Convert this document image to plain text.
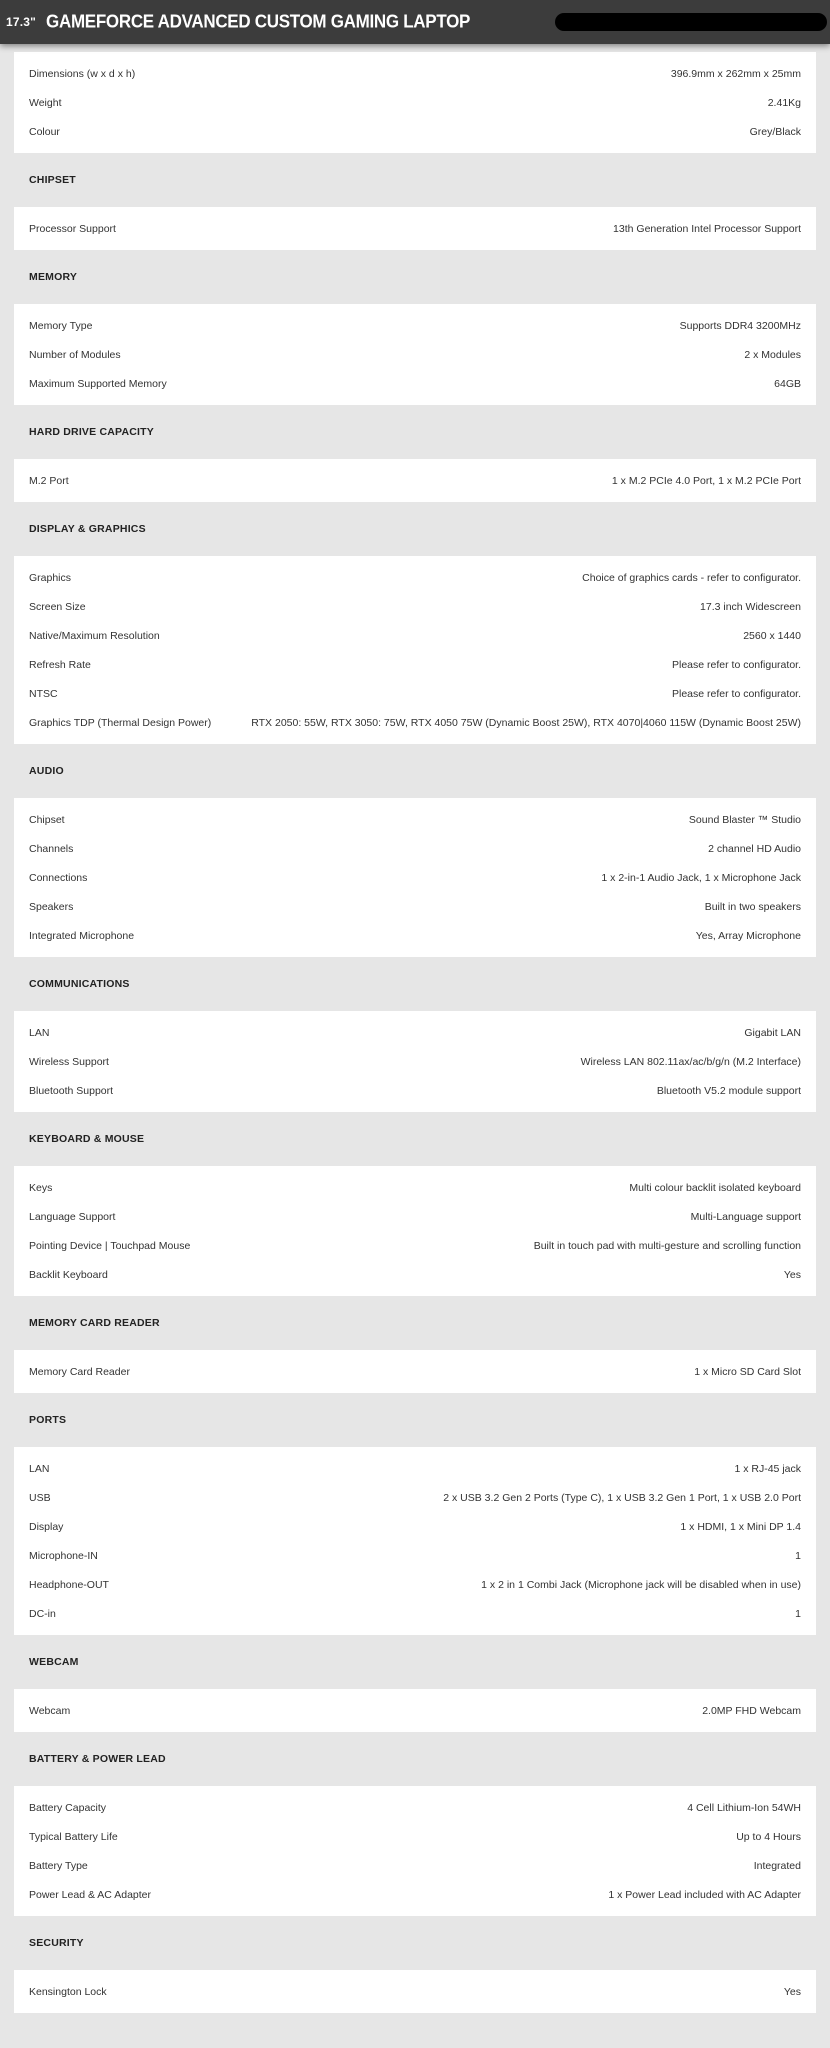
17.3" GAMEFORCE ADVANCED CUSTOM GAMING LAPTOP
Dimensions (w x d x h)	396.9mm x 262mm x 25mm
Weight	2.41Kg
Colour	Grey/Black
CHIPSET
Processor Support	13th Generation Intel Processor Support
MEMORY
Memory Type	Supports DDR4 3200MHz
Number of Modules	2 x Modules
Maximum Supported Memory	64GB
HARD DRIVE CAPACITY
M.2 Port	1 x M.2 PCIe 4.0 Port, 1 x M.2 PCIe Port
DISPLAY & GRAPHICS
Graphics	Choice of graphics cards - refer to configurator.
Screen Size	17.3 inch Widescreen
Native/Maximum Resolution	2560 x 1440
Refresh Rate	Please refer to configurator.
NTSC	Please refer to configurator.
Graphics TDP (Thermal Design Power)	RTX 2050: 55W, RTX 3050: 75W, RTX 4050 75W (Dynamic Boost 25W), RTX 4070|4060 115W (Dynamic Boost 25W)
AUDIO
Chipset	Sound Blaster ™ Studio
Channels	2 channel HD Audio
Connections	1 x 2-in-1 Audio Jack, 1 x Microphone Jack
Speakers	Built in two speakers
Integrated Microphone	Yes, Array Microphone
COMMUNICATIONS
LAN	Gigabit LAN
Wireless Support	Wireless LAN 802.11ax/ac/b/g/n (M.2 Interface)
Bluetooth Support	Bluetooth V5.2 module support
KEYBOARD & MOUSE
Keys	Multi colour backlit isolated keyboard
Language Support	Multi-Language support
Pointing Device | Touchpad Mouse	Built in touch pad with multi-gesture and scrolling function
Backlit Keyboard	Yes
MEMORY CARD READER
Memory Card Reader	1 x Micro SD Card Slot
PORTS
LAN	1 x RJ-45 jack
USB	2 x USB 3.2 Gen 2 Ports (Type C), 1 x USB 3.2 Gen 1 Port, 1 x USB 2.0 Port
Display	1 x HDMI, 1 x Mini DP 1.4
Microphone-IN	1
Headphone-OUT	1 x 2 in 1 Combi Jack (Microphone jack will be disabled when in use)
DC-in	1
WEBCAM
Webcam	2.0MP FHD Webcam
BATTERY & POWER LEAD
Battery Capacity	4 Cell Lithium-Ion 54WH
Typical Battery Life	Up to 4 Hours
Battery Type	Integrated
Power Lead & AC Adapter	1 x Power Lead included with AC Adapter
SECURITY
Kensington Lock	Yes
